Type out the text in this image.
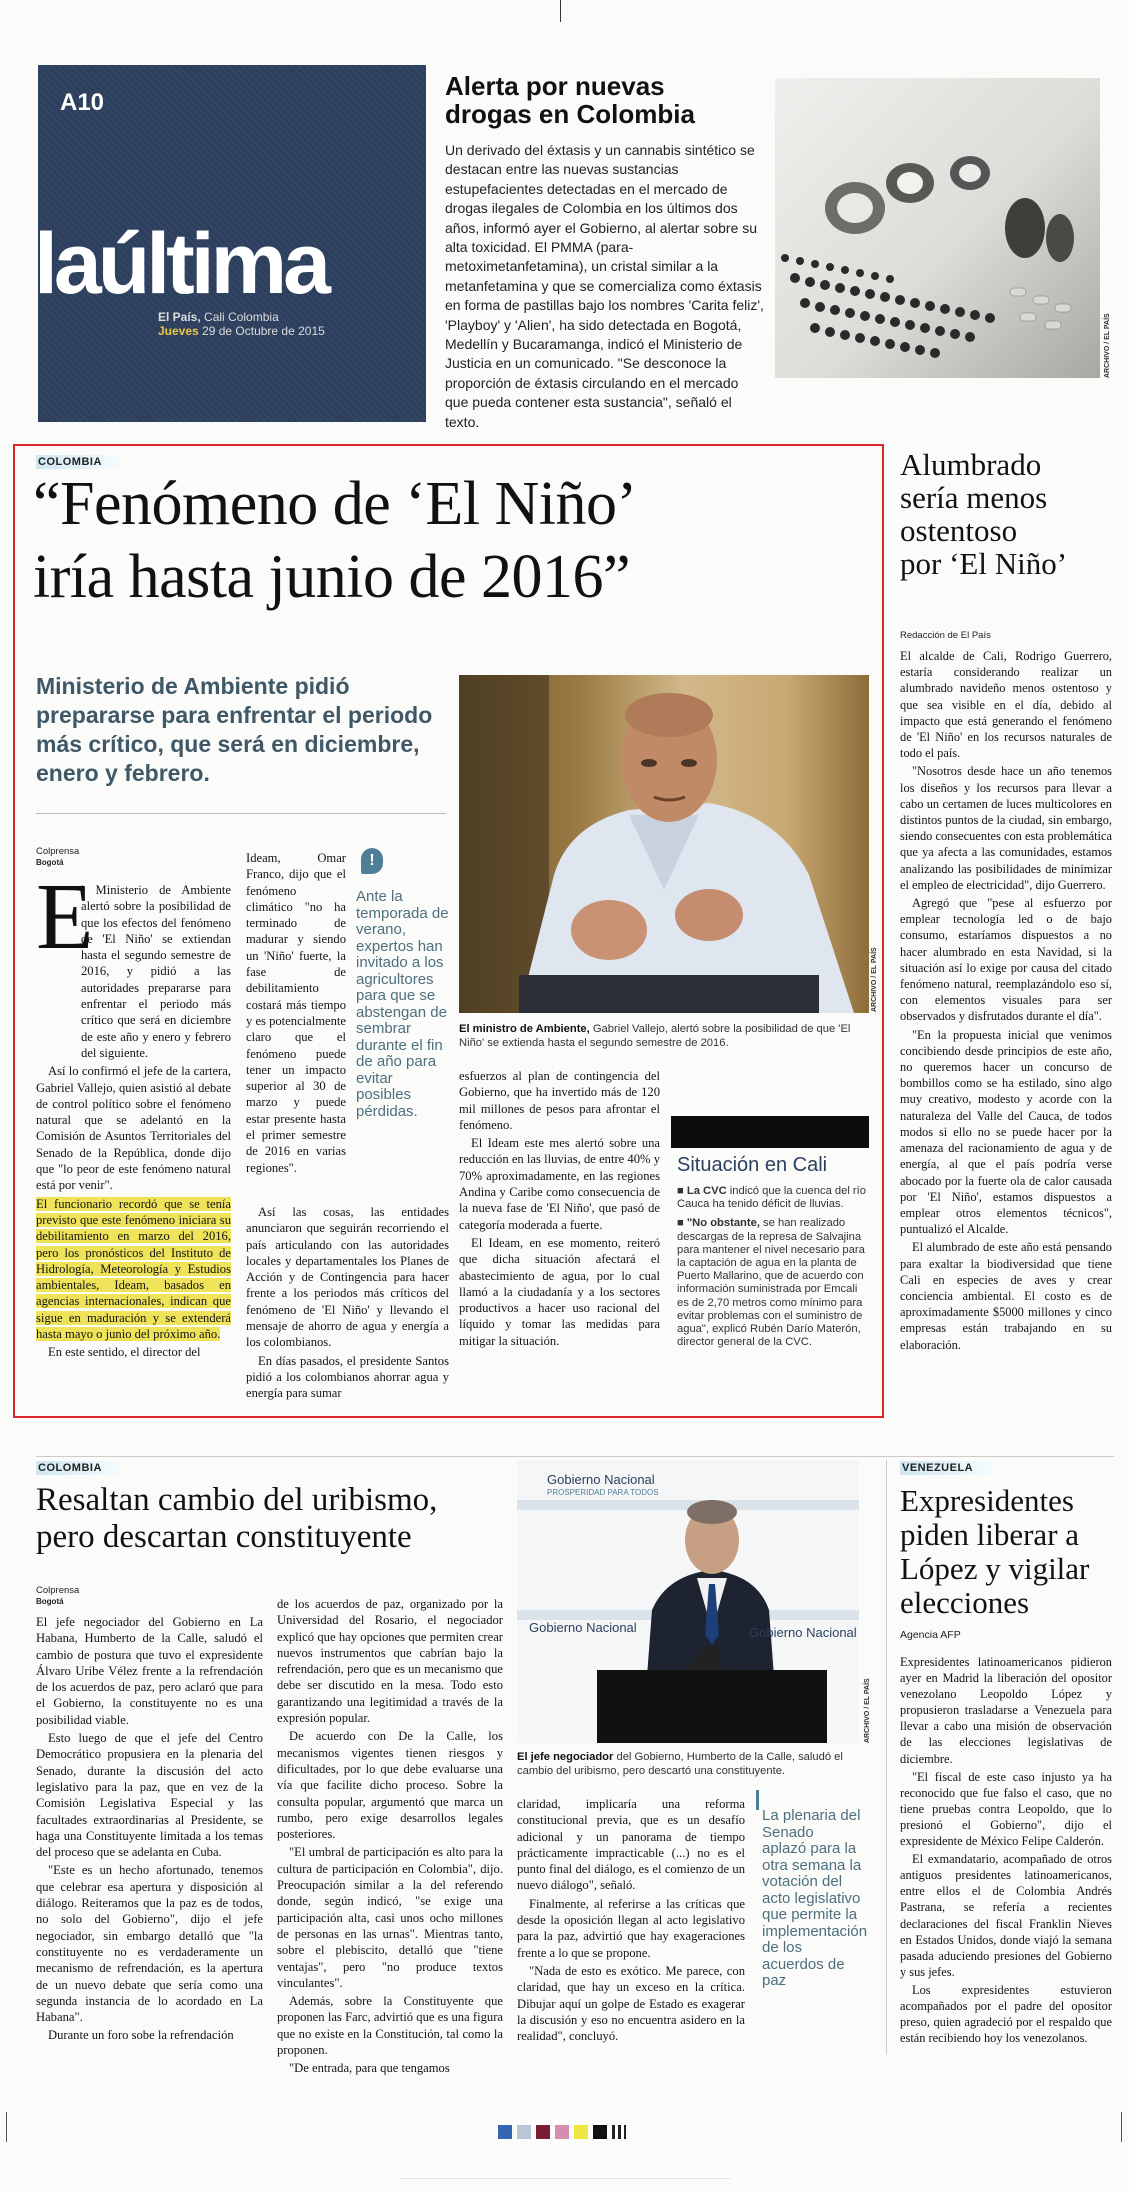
A10
laúltima
El País, Cali Colombia
Jueves 29 de Octubre de 2015
Alerta por nuevas
drogas en Colombia
Un derivado del éxtasis y un cannabis sintético se destacan entre las nuevas sustancias estupefacientes detectadas en el mercado de drogas ilegales de Colombia en los últimos dos años, informó ayer el Gobierno, al alertar sobre su alta toxicidad. El PMMA (para-metoximetanfetamina), un cristal similar a la metanfetamina y que se comercializa como éxtasis en forma de pastillas bajo los nombres 'Carita feliz', 'Playboy' y 'Alien', ha sido detectada en Bogotá, Medellín y Bucaramanga, indicó el Ministerio de Justicia en un comunicado. "Se desconoce la proporción de éxtasis circulando en el mercado que pueda contener esta sustancia", señaló el texto.
ARCHIVO / EL PAÍS
COLOMBIA
“Fenómeno de ‘El Niño’
iría hasta junio de 2016”
Ministerio de Ambiente pidió prepararse para enfrentar el periodo más crítico, que será en diciembre, enero y febrero.
Colprensa
Bogotá
E

l Ministerio de Ambiente alertó sobre la posibilidad de que los efectos del fenómeno de 'El Niño' se extiendan hasta el segundo semestre de 2016, y pidió a las autoridades prepararse para enfrentar el periodo más crítico que será en diciembre de este año y enero y febrero del siguiente.

Así lo confirmó el jefe de la cartera, Gabriel Vallejo, quien asistió al debate de control político sobre el fenómeno natural que se adelantó en la Comisión de Asuntos Territoriales del Senado de la República, donde dijo que "lo peor de este fenómeno natural está por venir".

El funcionario recordó que se tenía previsto que este fenómeno iniciara su debilitamiento en marzo del 2016, pero los pronósticos del Instituto de Hidrología, Meteorología y Estudios ambientales, Ideam, basados en agencias internacionales, indican que sigue en maduración y se extenderá hasta mayo o junio del próximo año.

En este sentido, el director del

Ideam, Omar Franco, dijo que el fenómeno climático "no ha terminado de madurar y siendo un 'Niño' fuerte, la fase de debilitamiento costará más tiempo y es potencialmente claro que el fenómeno puede tener un impacto superior al 30 de marzo y puede estar presente hasta el primer semestre de 2016 en varias regiones".

Así las cosas, las entidades anunciaron que seguirán recorriendo el país articulando con las autoridades locales y departamentales los Planes de Acción y de Contingencia para hacer frente a los periodos más críticos del fenómeno de 'El Niño' y llevando el mensaje de ahorro de agua y energía a los colombianos.

En días pasados, el presidente Santos pidió a los colombianos ahorrar agua y energía para sumar

!
Ante la temporada de verano, expertos han invitado a los agricultores para que se abstengan de sembrar durante el fin de año para evitar posibles pérdidas.
ARCHIVO / EL PAÍS
El ministro de Ambiente, Gabriel Vallejo, alertó sobre la posibilidad de que 'El Niño' se extienda hasta el segundo semestre de 2016.

esfuerzos al plan de contingencia del Gobierno, que ha invertido más de 120 mil millones de pesos para afrontar el fenómeno.

El Ideam este mes alertó sobre una reducción en las lluvias, de entre 40% y 70% aproximadamente, en las regiones Andina y Caribe como consecuencia de la nueva fase de 'El Niño', que pasó de categoría moderada a fuerte.

El Ideam, en ese momento, reiteró que dicha situación afectará el abastecimiento de agua, por lo cual llamó a la ciudadanía y a los sectores productivos a hacer uso racional del líquido y tomar las medidas para mitigar la situación.

Situación en Cali

■ La CVC indicó que la cuenca del río Cauca ha tenido déficit de lluvias.

■ "No obstante, se han realizado descargas de la represa de Salvajina para mantener el nivel necesario para la captación de agua en la planta de Puerto Mallarino, que de acuerdo con información suministrada por Emcali es de 2,70 metros como mínimo para evitar problemas con el suministro de agua", explicó Rubén Darío Materón, director general de la CVC.

Alumbrado
sería menos
ostentoso
por ‘El Niño’
Redacción de El País

El alcalde de Cali, Rodrigo Guerrero, estaría considerando realizar un alumbrado navideño menos ostentoso y que sea visible en el día, debido al impacto que está generando el fenómeno de 'El Niño' en los recursos naturales de todo el país.

"Nosotros desde hace un año tenemos los diseños y los recursos para llevar a cabo un certamen de luces multicolores en distintos puntos de la ciudad, sin embargo, siendo consecuentes con esta problemática que ya afecta a las comunidades, estamos analizando las posibilidades de minimizar el empleo de electricidad", dijo Guerrero.

Agregó que "pese al esfuerzo por emplear tecnología led o de bajo consumo, estaríamos dispuestos a no hacer alumbrado en esta Navidad, si la situación así lo exige por causa del citado fenómeno natural, reemplazándolo eso sí, con elementos visuales para ser observados y disfrutados durante el día".

"En la propuesta inicial que venimos concibiendo desde principios de este año, no queremos hacer un concurso de bombillos como se ha estilado, sino algo muy creativo, modesto y acorde con la naturaleza del Valle del Cauca, de todos modos si ello no se puede hacer por la amenaza del racionamiento de agua y de energía, al que el país podría verse abocado por la fuerte ola de calor causada por 'El Niño', estamos dispuestos a emplear otros elementos técnicos", puntualizó el Alcalde.

El alumbrado de este año está pensando para exaltar la biodiversidad que tiene Cali en especies de aves y crear conciencia ambiental. El costo es de aproximadamente $5000 millones y cinco empresas están trabajando en su elaboración.

COLOMBIA
Resaltan cambio del uribismo,
pero descartan constituyente
Colprensa
Bogotá

El jefe negociador del Gobierno en La Habana, Humberto de la Calle, saludó el cambio de postura que tuvo el expresidente Álvaro Uribe Vélez frente a la refrendación de los acuerdos de paz, pero aclaró que para el Gobierno, la constituyente no es una posibilidad viable.

Esto luego de que el jefe del Centro Democrático propusiera en la plenaria del Senado, durante la discusión del acto legislativo para la paz, que en vez de la Comisión Legislativa Especial y las facultades extraordinarias al Presidente, se haga una Constituyente limitada a los temas del proceso que se adelanta en Cuba.

"Este es un hecho afortunado, tenemos que celebrar esa apertura y disposición al diálogo. Reiteramos que la paz es de todos, no solo del Gobierno", dijo el jefe negociador, sin embargo detalló que "la constituyente no es verdaderamente un mecanismo de refrendación, es la apertura de un nuevo debate que sería como una segunda instancia de lo acordado en La Habana".

Durante un foro sobe la refrendación

de los acuerdos de paz, organizado por la Universidad del Rosario, el negociador explicó que hay opciones que permiten crear nuevos instrumentos que cabrían bajo la refrendación, pero que es un mecanismo que debe ser discutido en la mesa. Todo esto garantizando una legitimidad a través de la expresión popular.

De acuerdo con De la Calle, los mecanismos vigentes tienen riesgos y dificultades, por lo que debe evaluarse una vía que facilite dicho proceso. Sobre la consulta popular, argumentó que marca un rumbo, pero exige desarrollos legales posteriores.

"El umbral de participación es alto para la cultura de participación en Colombia", dijo. Preocupación similar a la del referendo donde, según indicó, "se exige una participación alta, casi unos ocho millones de personas en las urnas". Mientras tanto, sobre el plebiscito, detalló que "tiene ventajas", pero "no produce textos vinculantes".

Además, sobre la Constituyente que proponen las Farc, advirtió que es una figura que no existe en la Constitución, tal como la proponen.

"De entrada, para que tengamos

Gobierno Nacional
PROSPERIDAD PARA TODOS
Gobierno Nacional	Gobierno Nacional
ARCHIVO / EL PAÍS
El jefe negociador del Gobierno, Humberto de la Calle, saludó el cambio del uribismo, pero descartó una constituyente.

claridad, implicaría una reforma constitucional previa, que es un desafío adicional y un panorama de tiempo prácticamente impracticable (...) no es el punto final del diálogo, es el comienzo de un nuevo diálogo", señaló.

Finalmente, al referirse a las críticas que desde la oposición llegan al acto legislativo para la paz, advirtió que hay exageraciones frente a lo que se propone.

"Nada de esto es exótico. Me parece, con claridad, que hay un exceso en la crítica. Dibujar aquí un golpe de Estado es exagerar la discusión y eso no encuentra asidero en la realidad", concluyó.

La plenaria del Senado aplazó para la otra semana la votación del acto legislativo que permite la implementación de los acuerdos de paz
VENEZUELA
Expresidentes
piden liberar a
López y vigilar
elecciones
Agencia AFP

Expresidentes latinoamericanos pidieron ayer en Madrid la liberación del opositor venezolano Leopoldo López y propusieron trasladarse a Venezuela para llevar a cabo una misión de observación de las elecciones legislativas de diciembre.

"El fiscal de este caso injusto ya ha reconocido que fue falso el caso, que no tiene pruebas contra Leopoldo, que lo presionó el Gobierno", dijo el expresidente de México Felipe Calderón.

El exmandatario, acompañado de otros antiguos presidentes latinoamericanos, entre ellos el de Colombia Andrés Pastrana, se refería a recientes declaraciones del fiscal Franklin Nieves en Estados Unidos, donde viajó la semana pasada aduciendo presiones del Gobierno y sus jefes.

Los expresidentes estuvieron acompañados por el padre del opositor preso, quien agradeció por el respaldo que están recibiendo hoy los venezolanos.
